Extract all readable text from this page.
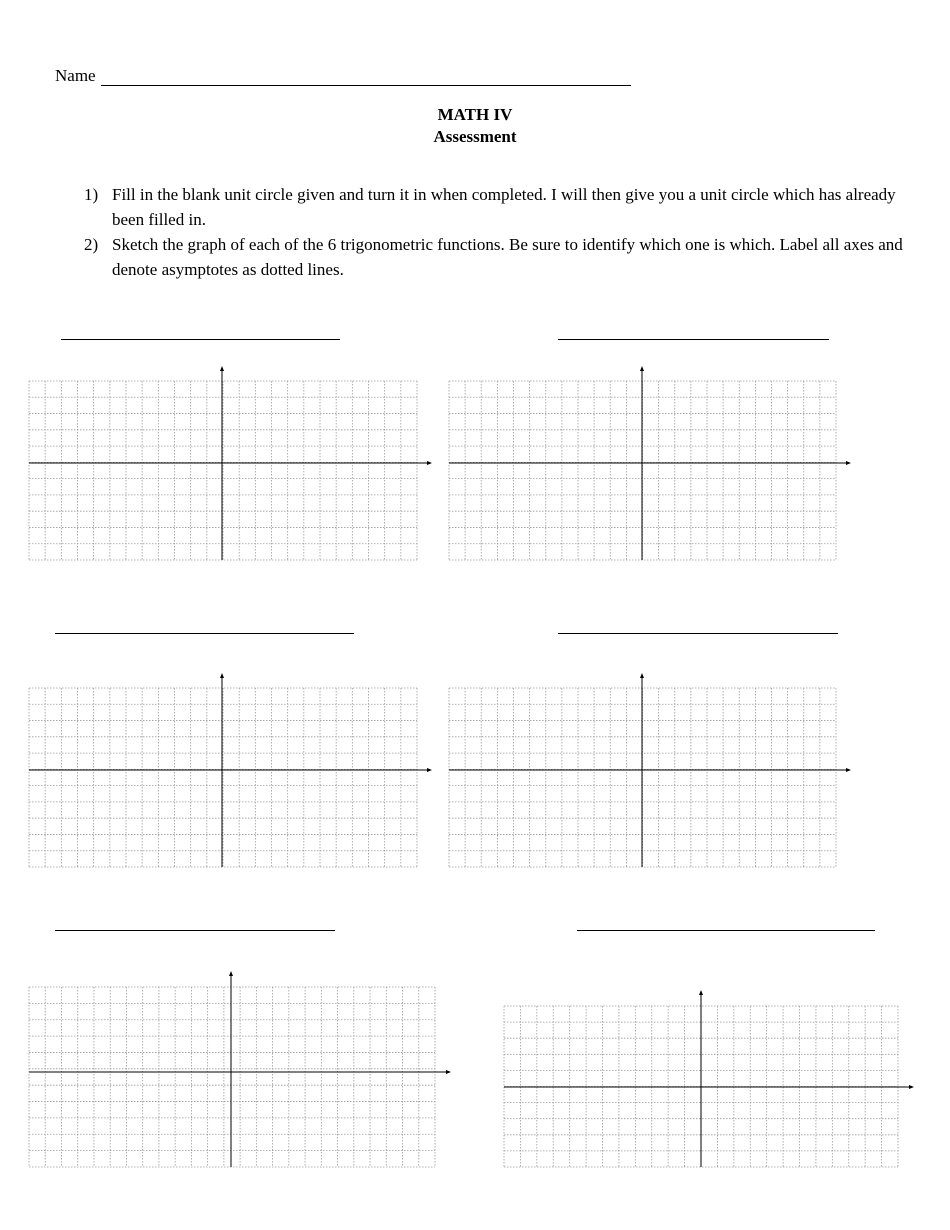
Name
MATH IV
Assessment
1) Fill in the blank unit circle given and turn it in when completed. I will then give you a unit circle which has already been filled in.
2) Sketch the graph of each of the 6 trigonometric functions. Be sure to identify which one is which. Label all axes and denote asymptotes as dotted lines.
